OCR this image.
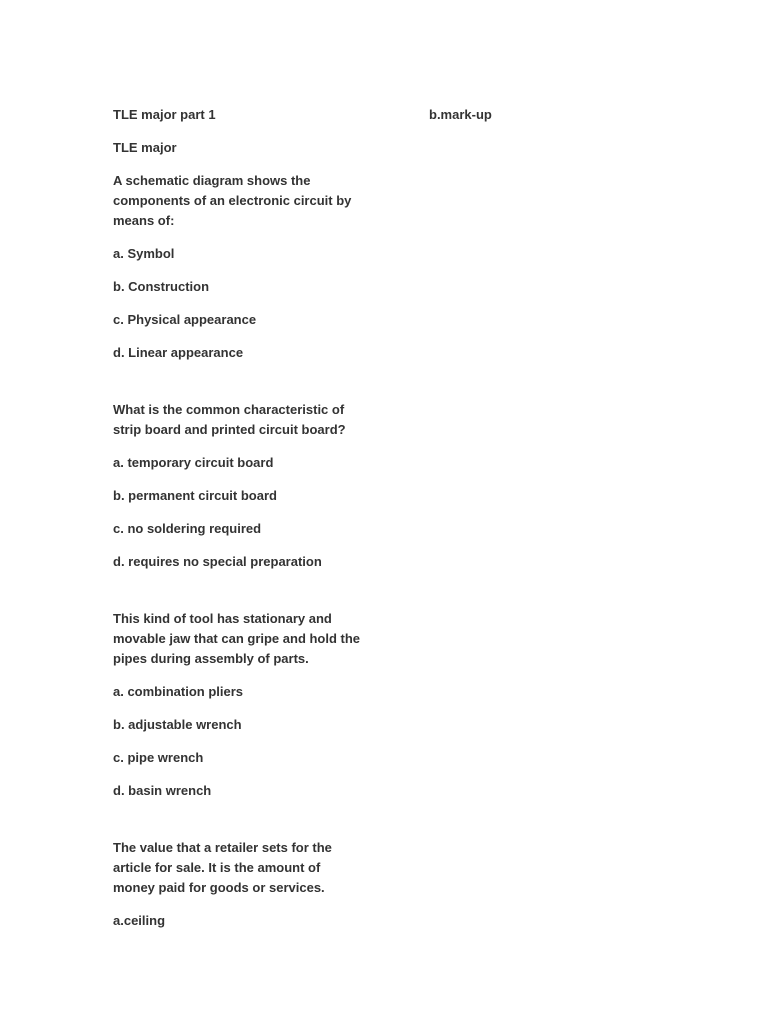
TLE major part 1

TLE major

A schematic diagram shows the components of an electronic circuit by means of:

a. Symbol

b. Construction

c. Physical appearance

d. Linear appearance

What is the common characteristic of strip board and printed circuit board?

a. temporary circuit board

b. permanent circuit board

c. no soldering required

d. requires no special preparation

This kind of tool has stationary and movable jaw that can gripe and hold the pipes during assembly of parts.

a. combination pliers

b. adjustable wrench

c. pipe wrench

d. basin wrench

The value that a retailer sets for the article for sale. It is the amount of money paid for goods or services.

a.ceiling

b.mark-up
